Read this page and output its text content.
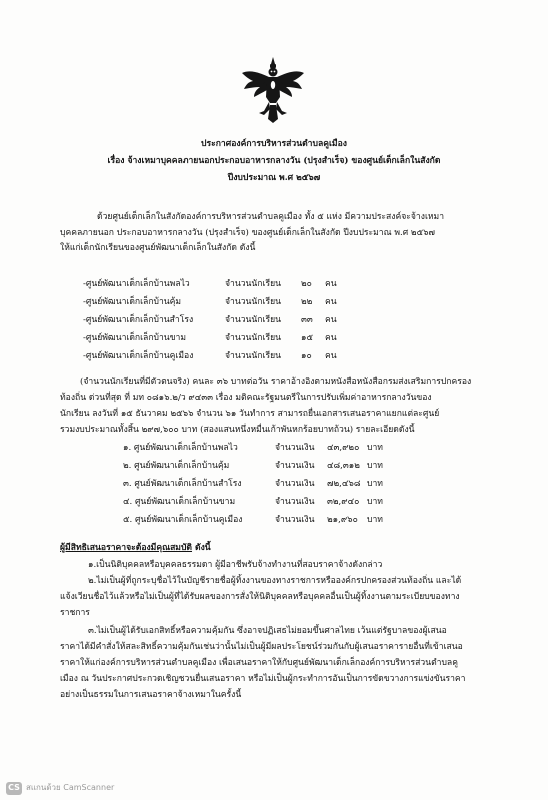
ประกาศองค์การบริหารส่วนตำบลคูเมือง
เรื่อง จ้างเหมาบุคคลภายนอกประกอบอาหารกลางวัน (ปรุงสำเร็จ) ของศูนย์เด็กเล็กในสังกัด
ปีงบประมาณ พ.ศ ๒๕๖๗
ด้วยศูนย์เด็กเล็กในสังกัดองค์การบริหารส่วนตำบลคูเมือง ทั้ง ๕ แห่ง มีความประสงค์จะจ้างเหมา
บุคคลภายนอก ประกอบอาหารกลางวัน (ปรุงสำเร็จ) ของศูนย์เด็กเล็กในสังกัด ปีงบประมาณ พ.ศ ๒๕๖๗
ให้แก่เด็กนักเรียนของศูนย์พัฒนาเด็กเล็กในสังกัด ดังนี้
-ศูนย์พัฒนาเด็กเล็กบ้านพลไว	จำนวนนักเรียน ๒๐ คน
-ศูนย์พัฒนาเด็กเล็กบ้านคุ้ม	จำนวนนักเรียน ๒๒ คน
-ศูนย์พัฒนาเด็กเล็กบ้านสำโรง	จำนวนนักเรียน ๓๓ คน
-ศูนย์พัฒนาเด็กเล็กบ้านขาม	จำนวนนักเรียน ๑๕ คน
-ศูนย์พัฒนาเด็กเล็กบ้านคูเมือง	จำนวนนักเรียน ๑๐ คน
(จำนวนนักเรียนที่มีตัวตนจริง) คนละ ๓๖ บาทต่อวัน ราคาอ้างอิงตามหนังสือหนังสือกรมส่งเสริมการปกครอง
ท้องถิ่น ด่วนที่สุด ที่ มท ๐๘๑๖.๒/ว ๙๔๓๓ เรื่อง มติคณะรัฐมนตรีในการปรับเพิ่มค่าอาหารกลางวันของ
นักเรียน ลงวันที่ ๑๕ ธันวาคม ๒๕๖๖ จำนวน ๖๑ วันทำการ สามารถยื่นเอกสารเสนอราคาแยกแต่ละศูนย์
รวมงบประมาณทั้งสิ้น ๒๙๗,๖๐๐ บาท (สองแสนหนึ่งหมื่นเก้าพันหกร้อยบาทถ้วน) รายละเอียดดังนี้
๑. ศูนย์พัฒนาเด็กเล็กบ้านพลไว	จำนวนเงิน ๔๓,๙๒๐ บาท
๒. ศูนย์พัฒนาเด็กเล็กบ้านคุ้ม	จำนวนเงิน ๔๘,๓๑๒ บาท
๓. ศูนย์พัฒนาเด็กเล็กบ้านสำโรง	จำนวนเงิน ๗๒,๔๖๘ บาท
๔. ศูนย์พัฒนาเด็กเล็กบ้านขาม	จำนวนเงิน ๓๒,๙๔๐ บาท
๕. ศูนย์พัฒนาเด็กเล็กบ้านคูเมือง	จำนวนเงิน ๒๑,๙๖๐ บาท
ผู้มีสิทธิเสนอราคาจะต้องมีคุณสมบัติ ดังนี้
๑.เป็นนิติบุคคลหรือบุคคลธรรมดา ผู้มีอาชีพรับจ้างทำงานที่สอบราคาจ้างดังกล่าว
๒.ไม่เป็นผู้ที่ถูกระบุชื่อไว้ในบัญชีรายชื่อผู้ทิ้งงานของทางราชการหรือองค์กรปกครองส่วนท้องถิ่น และได้
แจ้งเวียนชื่อไว้แล้วหรือไม่เป็นผู้ที่ได้รับผลของการสั่งให้นิติบุคคลหรือบุคคลอื่นเป็นผู้ทิ้งงานตามระเบียบของทาง
ราชการ
๓.ไม่เป็นผู้ได้รับเอกสิทธิ์หรือความคุ้มกัน ซึ่งอาจปฏิเสธไม่ยอมขึ้นศาลไทย เว้นแต่รัฐบาลของผู้เสนอ
ราคาได้มีคำสั่งให้สละสิทธิ์ความคุ้มกันเช่นว่านั้นไม่เป็นผู้มีผลประโยชน์ร่วมกันกับผู้เสนอราคารายอื่นที่เข้าเสนอ
ราคาให้แก่องค์การบริหารส่วนตำบลคูเมือง เพื่อเสนอราคาให้กับศูนย์พัฒนาเด็กเล็กองค์การบริหารส่วนตำบลคู
เมือง ณ วันประกาศประกวดเชิญชวนยื่นเสนอราคา หรือไม่เป็นผู้กระทำการอันเป็นการขัดขวางการแข่งขันราคา
อย่างเป็นธรรมในการเสนอราคาจ้างเหมาในครั้งนี้
CS สแกนด้วย CamScanner
